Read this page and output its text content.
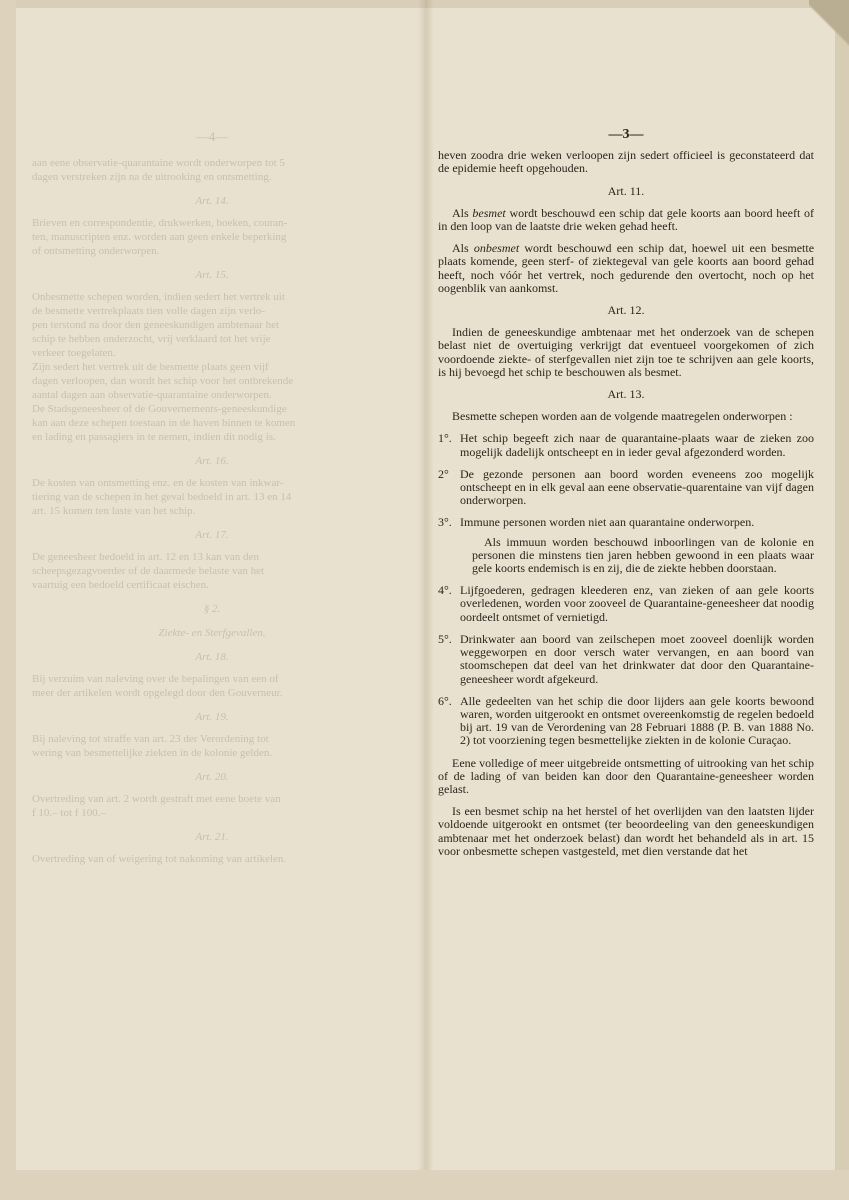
—4—
aan eene observatie-quarantaine wordt onderworpen tot 5
dagen verstreken zijn na de uitrooking en ontsmetting.
Art. 14.
Brieven en correspondentie, drukwerken, boeken, couran-
ten, manuscripten enz. worden aan geen enkele beperking
of ontsmetting onderworpen.
Art. 15.
Onbesmette schepen worden, indien sedert het vertrek uit
de besmette vertrekplaats tien volle dagen zijn verlo-
pen terstond na door den geneeskundigen ambtenaar het
schip te hebben onderzocht, vrij verklaard tot het vrije
verkeer toegelaten.
Zijn sedert het vertrek uit de besmette plaats geen vijf
dagen verloopen, dan wordt het schip voor het ontbrekende
aantal dagen aan observatie-quarantaine onderworpen.
De Stadsgeneesheer of de Gouvernements-geneeskundige
kan aan deze schepen toestaan in de haven binnen te komen
en lading en passagiers in te nemen, indien dit nodig is.
Art. 16.
De kosten van ontsmetting enz. en de kosten van inkwar-
tiering van de schepen in het geval bedoeld in art. 13 en 14
art. 15 komen ten laste van het schip.
Art. 17.
De geneesheer bedoeld in art. 12 en 13 kan van den
scheepsgezagvoerder of de daarmede belaste van het
vaartuig een bedoeld certificaat eischen.
§ 2.
Ziekte- en Sterfgevallen.
Art. 18.
Bij verzuim van naleving over de bepalingen van een of
meer der artikelen wordt opgelegd door den Gouverneur.
Art. 19.
Bij naleving tot straffe van art. 23 der Verordening tot
wering van besmettelijke ziekten in de kolonie gelden.
Art. 20.
Overtreding van art. 2 wordt gestraft met eene boete van
f 10.– tot f 100.–
Art. 21.
Overtreding van of weigering tot nakoming van artikelen.
—3—

heven zoodra drie weken verloopen zijn sedert officieel is geconstateerd dat de epidemie heeft opgehouden.

Art. 11.

Als besmet wordt beschouwd een schip dat gele koorts aan boord heeft of in den loop van de laatste drie weken gehad heeft.

Als onbesmet wordt beschouwd een schip dat, hoewel uit een besmette plaats komende, geen sterf- of ziektegeval van gele koorts aan boord gehad heeft, noch vóór het vertrek, noch gedurende den overtocht, noch op het oogenblik van aankomst.

Art. 12.

Indien de geneeskundige ambtenaar met het onderzoek van de schepen belast niet de overtuiging verkrijgt dat eventueel voorgekomen of zich voordoende ziekte- of sterfgevallen niet zijn toe te schrijven aan gele koorts, is hij bevoegd het schip te beschouwen als besmet.

Art. 13.

Besmette schepen worden aan de volgende maatregelen onderworpen :

1°. Het schip begeeft zich naar de quarantaine-plaats waar de zieken zoo mogelijk dadelijk ontscheept en in ieder geval afgezonderd worden.
2° De gezonde personen aan boord worden eveneens zoo mogelijk ontscheept en in elk geval aan eene observatie-quarentaine van vijf dagen onderworpen.
3°. Immune personen worden niet aan quarantaine onderworpen.
Als immuun worden beschouwd inboorlingen van de kolonie en personen die minstens tien jaren hebben gewoond in een plaats waar gele koorts endemisch is en zij, die de ziekte hebben doorstaan.
4°. Lijfgoederen, gedragen kleederen enz, van zieken of aan gele koorts overledenen, worden voor zooveel de Quarantaine-geneesheer dat noodig oordeelt ontsmet of vernietigd.
5°. Drinkwater aan boord van zeilschepen moet zooveel doenlijk worden weggeworpen en door versch water vervangen, en aan boord van stoomschepen dat deel van het drinkwater dat door den Quarantaine-geneesheer wordt afgekeurd.
6°. Alle gedeelten van het schip die door lijders aan gele koorts bewoond waren, worden uitgerookt en ontsmet overeenkomstig de regelen bedoeld bij art. 19 van de Verordening van 28 Februari 1888 (P. B. van 1888 No. 2) tot voorziening tegen besmettelijke ziekten in de kolonie Curaçao.

Eene volledige of meer uitgebreide ontsmetting of uitrooking van het schip of de lading of van beiden kan door den Quarantaine-geneesheer worden gelast.

Is een besmet schip na het herstel of het overlijden van den laatsten lijder voldoende uitgerookt en ontsmet (ter beoordeeling van den geneeskundigen ambtenaar met het onderzoek belast) dan wordt het behandeld als in art. 15 voor onbesmette schepen vastgesteld, met dien verstande dat het
